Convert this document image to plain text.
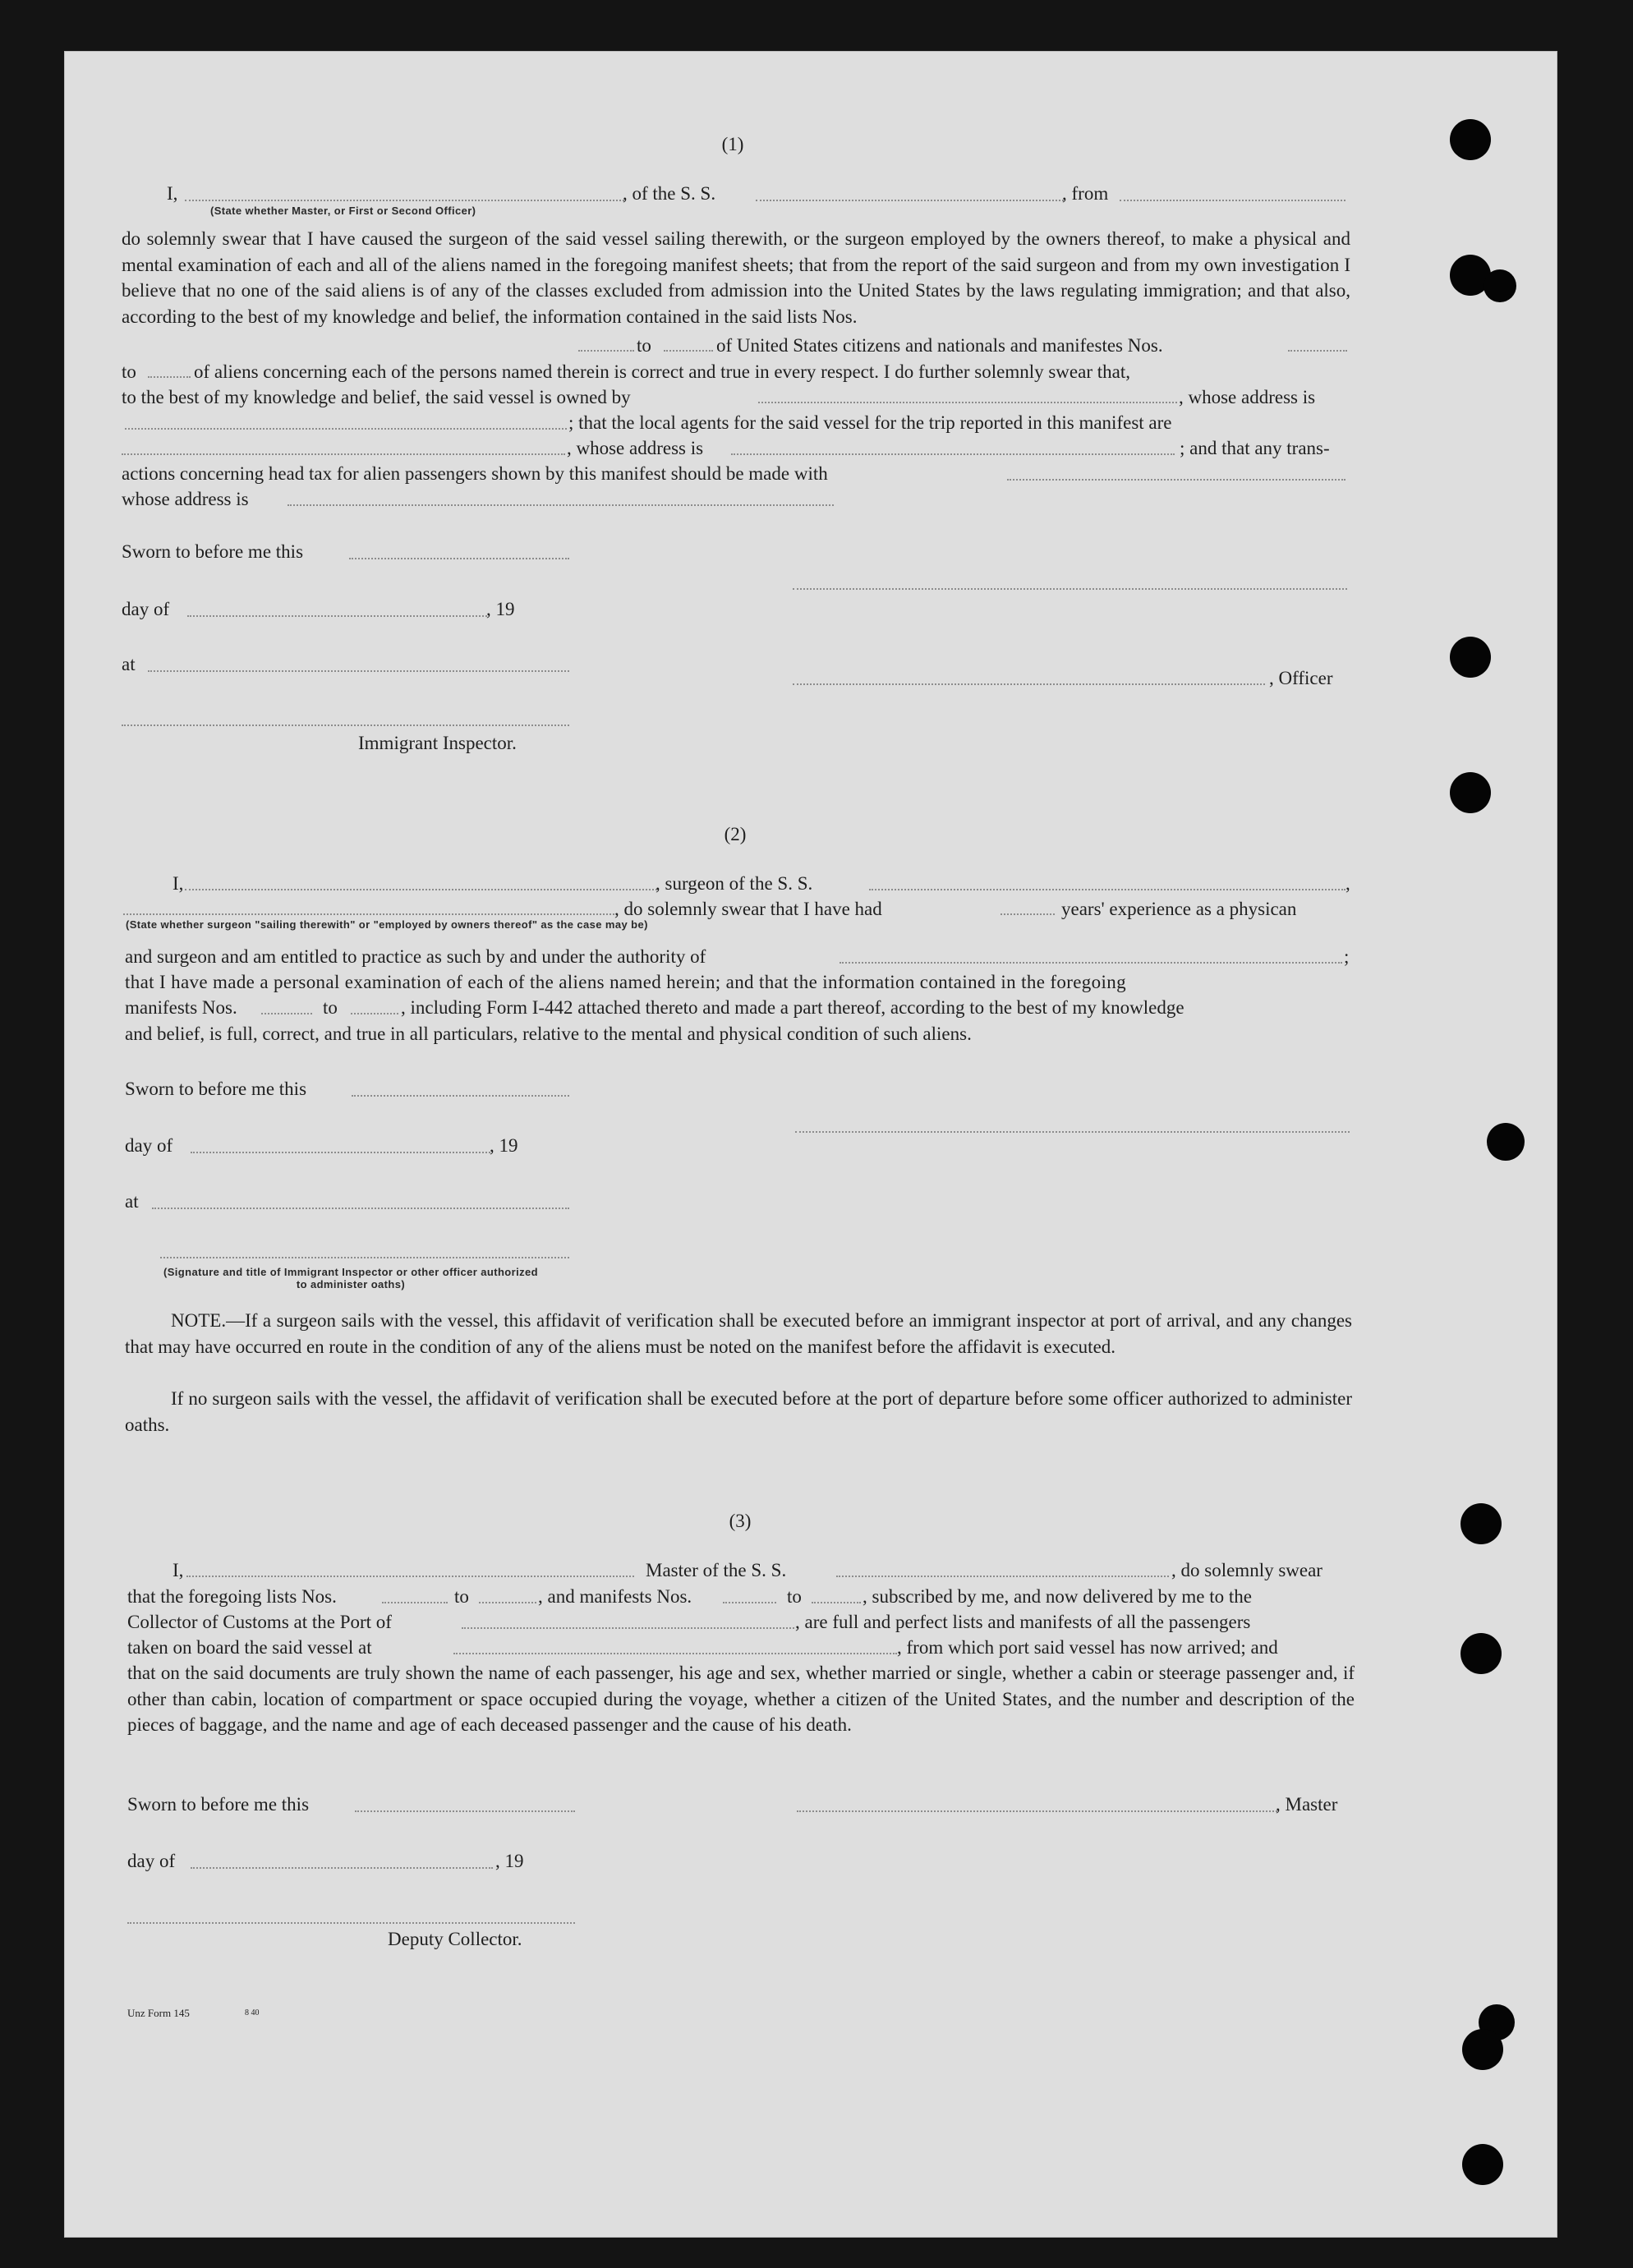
(1)
I,	, of the S. S.	, from
(State whether Master, or First or Second Officer)
do solemnly swear that I have caused the surgeon of the said vessel sailing therewith, or the surgeon employed by the owners thereof, to make a physical and mental examination of each and all of the aliens named in the foregoing manifest sheets; that from the report of the said surgeon and from my own investigation I believe that no one of the said aliens is of any of the classes excluded from admission into the United States by the laws regulating immigration; and that also, according to the best of my knowledge and belief, the information contained in the said lists Nos.
to	of United States citizens and nationals and manifestes Nos.
to	of aliens concerning each of the persons named therein is correct and true in every respect. I do further solemnly swear that,
to the best of my knowledge and belief, the said vessel is owned by	, whose address is
; that the local agents for the said vessel for the trip reported in this manifest are
, whose address is	; and that any trans-
actions concerning head tax for alien passengers shown by this manifest should be made with
whose address is
Sworn to before me this
day of	, 19
at
, Officer
Immigrant Inspector.
(2)
I,	, surgeon of the S. S.	,
, do solemnly swear that I have had	years' experience as a physican
(State whether surgeon "sailing therewith" or "employed by owners thereof" as the case may be)
and surgeon and am entitled to practice as such by and under the authority of	;
that I have made a personal examination of each of the aliens named herein; and that the information contained in the foregoing
manifests Nos.	to	, including Form I-442 attached thereto and made a part thereof, according to the best of my knowledge
and belief, is full, correct, and true in all particulars, relative to the mental and physical condition of such aliens.
Sworn to before me this
day of	, 19
at
(Signature and title of Immigrant Inspector or other officer authorized to administer oaths)
NOTE.—If a surgeon sails with the vessel, this affidavit of verification shall be executed before an immigrant inspector at port of arrival, and any changes that may have occurred en route in the condition of any of the aliens must be noted on the manifest before the affidavit is executed.
If no surgeon sails with the vessel, the affidavit of verification shall be executed before at the port of departure before some officer authorized to administer oaths.
(3)
I,	Master of the S. S.	, do solemnly swear
that the foregoing lists Nos.	to	, and manifests Nos.	to	, subscribed by me, and now delivered by me to the
Collector of Customs at the Port of	, are full and perfect lists and manifests of all the passengers
taken on board the said vessel at	, from which port said vessel has now arrived; and
that on the said documents are truly shown the name of each passenger, his age and sex, whether married or single, whether a cabin or steerage passenger and, if other than cabin, location of compartment or space occupied during the voyage, whether a citizen of the United States, and the number and description of the pieces of baggage, and the name and age of each deceased passenger and the cause of his death.
Sworn to before me this	, Master
day of	, 19
Deputy Collector.
Unz Form 145	8 40
